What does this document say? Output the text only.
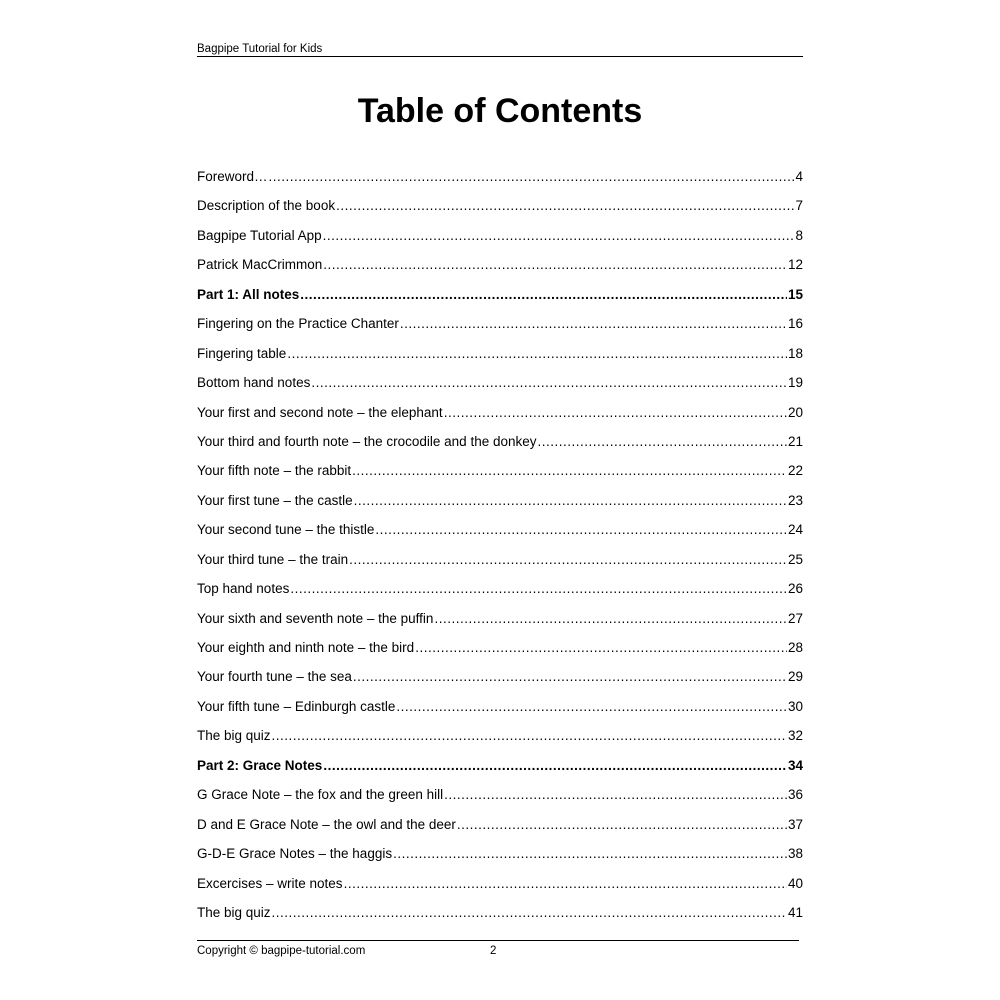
Bagpipe Tutorial for Kids
Table of Contents
Foreword… .....	4
Description of the book .....	7
Bagpipe Tutorial App .....	8
Patrick MacCrimmon .....	12
Part 1: All notes .....	15
Fingering on the Practice Chanter .....	16
Fingering table .....	18
Bottom hand notes .....	19
Your first and second note – the elephant .....	20
Your third and fourth note – the crocodile and the donkey .....	21
Your fifth note – the rabbit .....	22
Your first tune – the castle .....	23
Your second tune – the thistle .....	24
Your third tune – the train .....	25
Top hand notes .....	26
Your sixth and seventh note – the puffin .....	27
Your eighth and ninth note – the bird .....	28
Your fourth tune – the sea .....	29
Your fifth tune – Edinburgh castle .....	30
The big quiz .....	32
Part 2: Grace Notes .....	34
G Grace Note – the fox and the green hill .....	36
D and E Grace Note – the owl and the deer .....	37
G-D-E Grace Notes – the haggis .....	38
Excercises – write notes .....	40
The big quiz .....	41
Copyright © bagpipe-tutorial.com	2
